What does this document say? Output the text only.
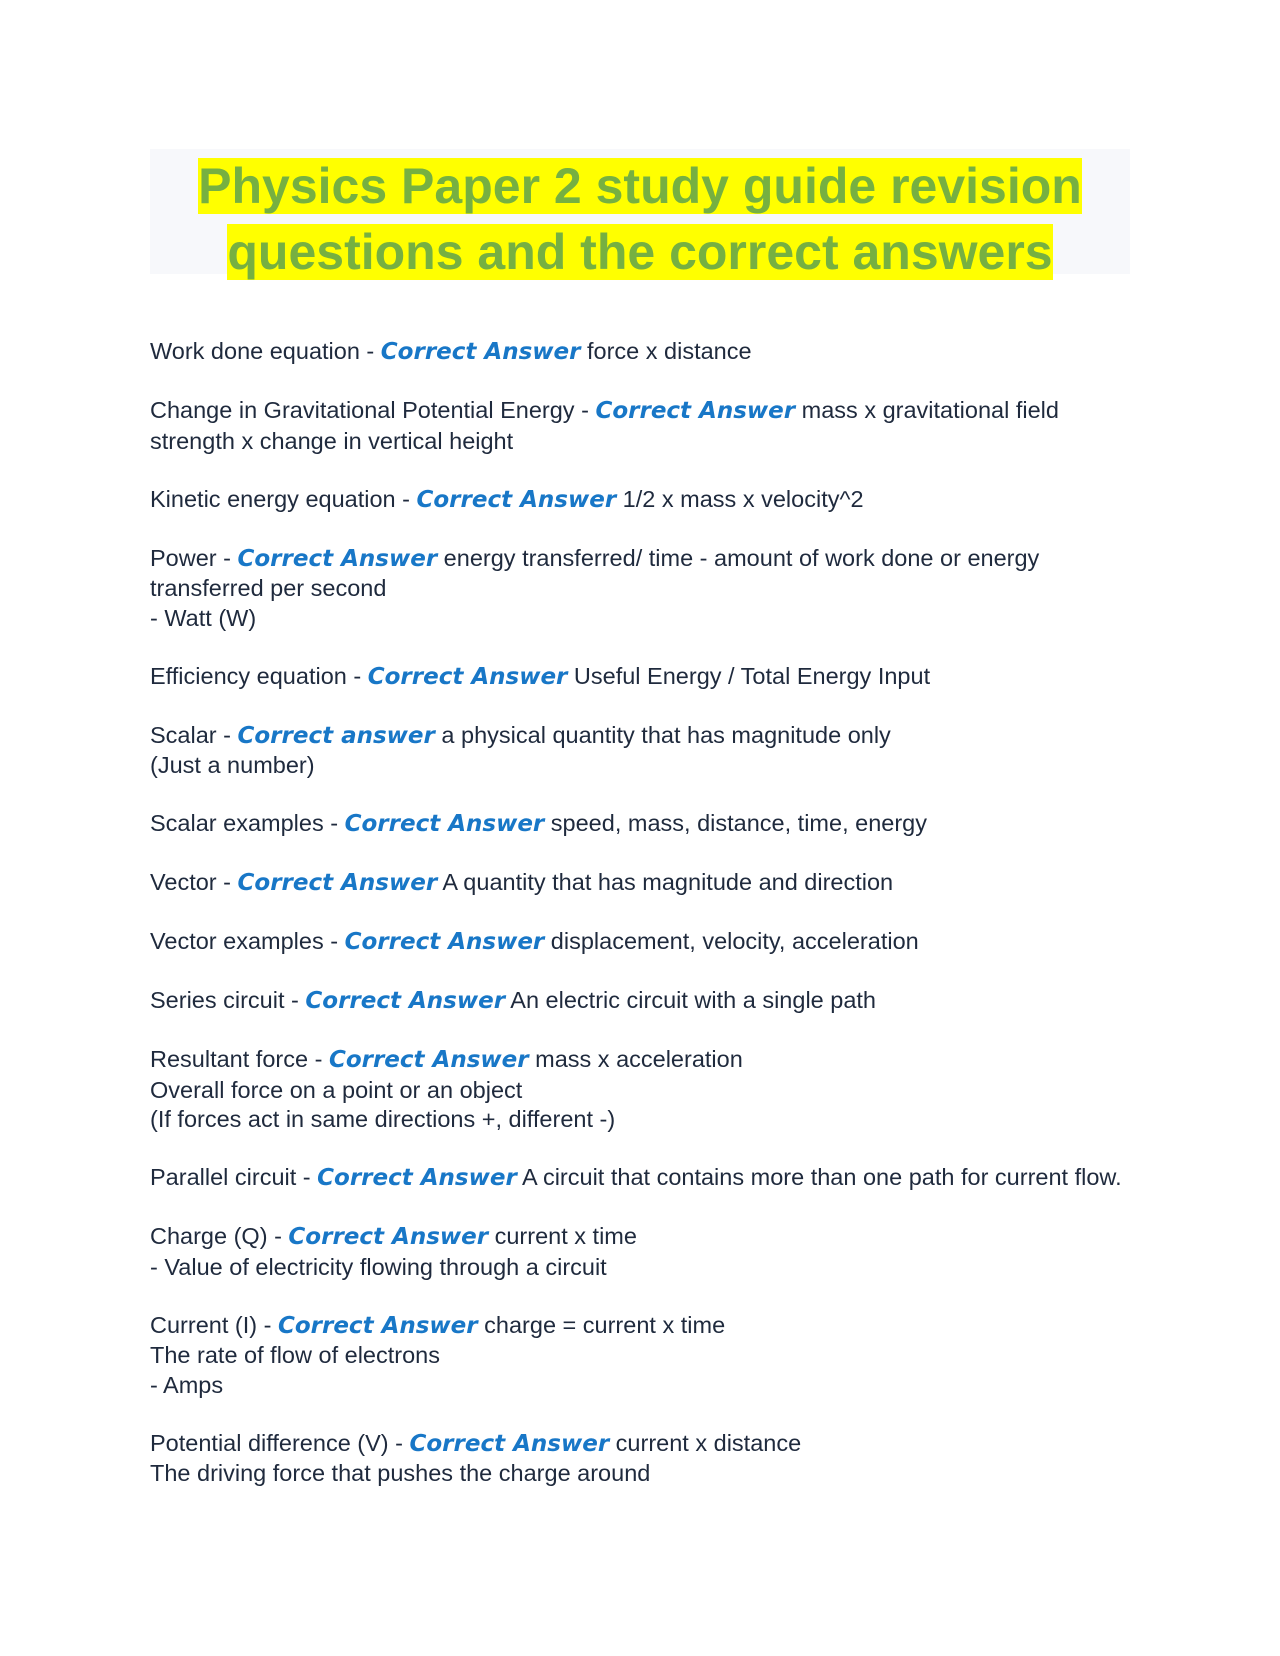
Physics Paper 2 study guide revision
questions and the correct answers
Work done equation - Correct Answer force x distance
Change in Gravitational Potential Energy - Correct Answer mass x gravitational field strength x change in vertical height
Kinetic energy equation - Correct Answer 1/2 x mass x velocity^2
Power - Correct Answer energy transferred/ time - amount of work done or energy transferred per second
- Watt (W)
Efficiency equation - Correct Answer Useful Energy / Total Energy Input
Scalar - Correct answer a physical quantity that has magnitude only
(Just a number)
Scalar examples - Correct Answer speed, mass, distance, time, energy
Vector - Correct Answer A quantity that has magnitude and direction
Vector examples - Correct Answer displacement, velocity, acceleration
Series circuit - Correct Answer An electric circuit with a single path
Resultant force - Correct Answer mass x acceleration
Overall force on a point or an object
(If forces act in same directions +, different -)
Parallel circuit - Correct Answer A circuit that contains more than one path for current flow.
Charge (Q) - Correct Answer current x time
- Value of electricity flowing through a circuit
Current (I) - Correct Answer charge = current x time
The rate of flow of electrons
- Amps
Potential difference (V) - Correct Answer current x distance
The driving force that pushes the charge around
